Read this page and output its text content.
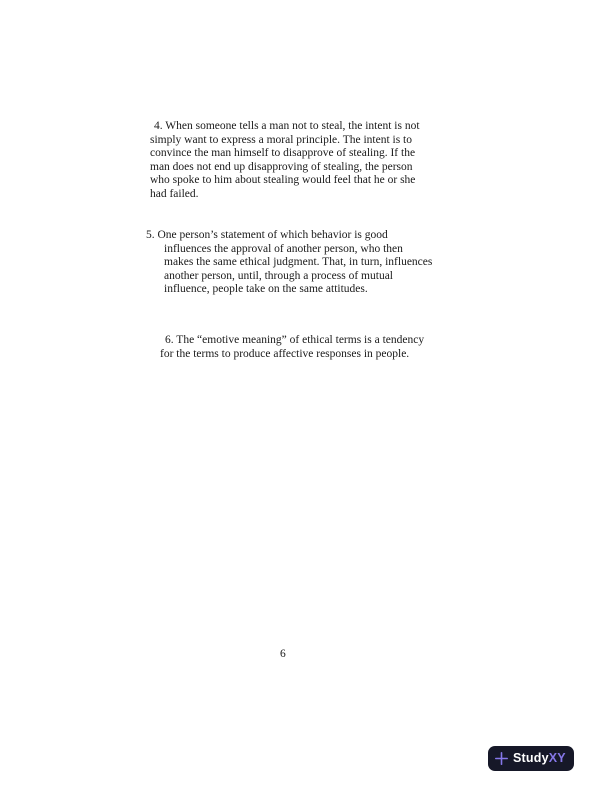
4. When someone tells a man not to steal, the intent is not
simply want to express a moral principle. The intent is to
convince the man himself to disapprove of stealing. If the
man does not end up disapproving of stealing, the person
who spoke to him about stealing would feel that he or she
had failed.
5. One person’s statement of which behavior is good
influences the approval of another person, who then
makes the same ethical judgment. That, in turn, influences
another person, until, through a process of mutual
influence, people take on the same attitudes.
6. The “emotive meaning” of ethical terms is a tendency
for the terms to produce affective responses in people.
6
StudyXY
